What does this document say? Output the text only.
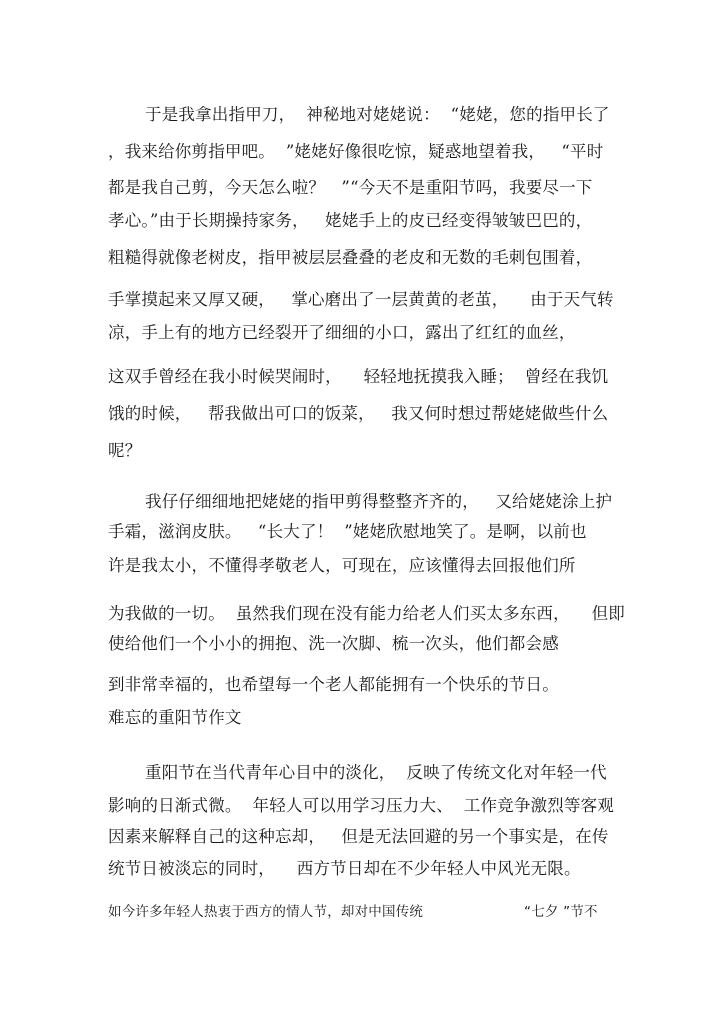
于是我拿出指甲刀，  神秘地对姥姥说：  “姥姥，您的指甲长了
，我来给你剪指甲吧。  ”姥姥好像很吃惊，疑惑地望着我，   “平时
都是我自己剪，今天怎么啦？   ”“今天不是重阳节吗，我要尽一下
孝心。”由于长期操持家务，   姥姥手上的皮已经变得皱皱巴巴的，
粗糙得就像老树皮，指甲被层层叠叠的老皮和无数的毛刺包围着，
手掌摸起来又厚又硬，   掌心磨出了一层黄黄的老茧，    由于天气转
凉，手上有的地方已经裂开了细细的小口，露出了红红的血丝，
这双手曾经在我小时候哭闹时，    轻轻地抚摸我入睡；  曾经在我饥
饿的时候，   帮我做出可口的饭菜，   我又何时想过帮姥姥做些什么
呢？
我仔仔细细地把姥姥的指甲剪得整整齐齐的，   又给姥姥涂上护
手霜，滋润皮肤。   “长大了！  ”姥姥欣慰地笑了。是啊，以前也
许是我太小，不懂得孝敬老人，可现在，应该懂得去回报他们所
为我做的一切。  虽然我们现在没有能力给老人们买太多东西，    但即
使给他们一个小小的拥抱、洗一次脚、梳一次头，他们都会感
到非常幸福的，也希望每一个老人都能拥有一个快乐的节日。
难忘的重阳节作文
重阳节在当代青年心目中的淡化，  反映了传统文化对年轻一代
影响的日渐式微。  年轻人可以用学习压力大、  工作竞争激烈等客观
因素来解释自己的这种忘却，   但是无法回避的另一个事实是，在传
统节日被淡忘的同时，    西方节日却在不少年轻人中风光无限。
如今许多年轻人热衷于西方的情人节，却对中国传统	“七夕 ”节不
